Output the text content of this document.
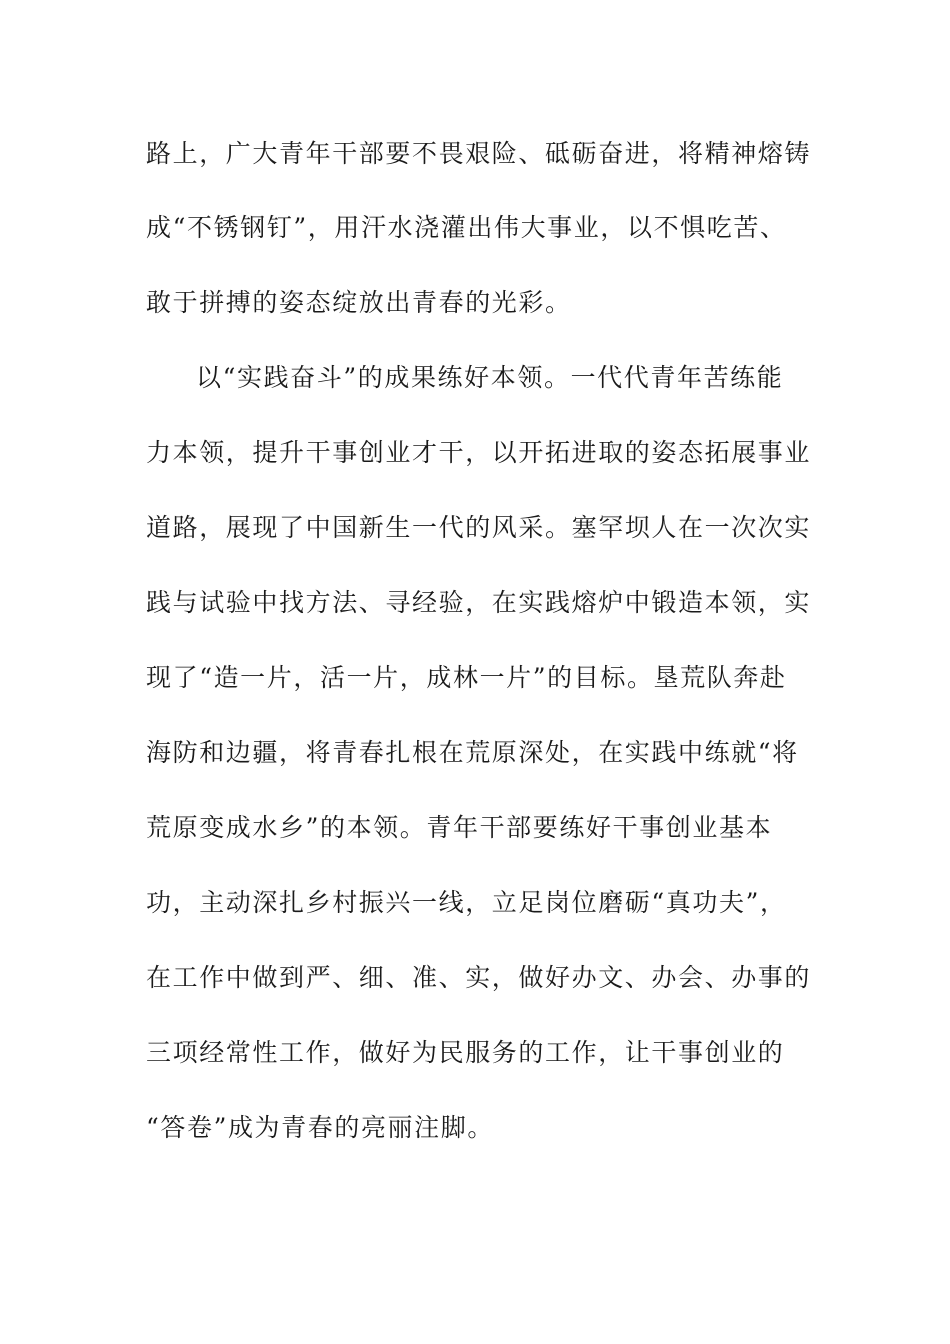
路上，广大青年干部要不畏艰险、砥砺奋进，将精神熔铸
成“不锈钢钉”，用汗水浇灌出伟大事业，以不惧吃苦、
敢于拼搏的姿态绽放出青春的光彩。
以“实践奋斗”的成果练好本领。一代代青年苦练能
力本领，提升干事创业才干，以开拓进取的姿态拓展事业
道路，展现了中国新生一代的风采。塞罕坝人在一次次实
践与试验中找方法、寻经验，在实践熔炉中锻造本领，实
现了“造一片，活一片，成林一片”的目标。垦荒队奔赴
海防和边疆，将青春扎根在荒原深处，在实践中练就“将
荒原变成水乡”的本领。青年干部要练好干事创业基本
功，主动深扎乡村振兴一线，立足岗位磨砺“真功夫”，
在工作中做到严、细、准、实，做好办文、办会、办事的
三项经常性工作，做好为民服务的工作，让干事创业的
“答卷”成为青春的亮丽注脚。
